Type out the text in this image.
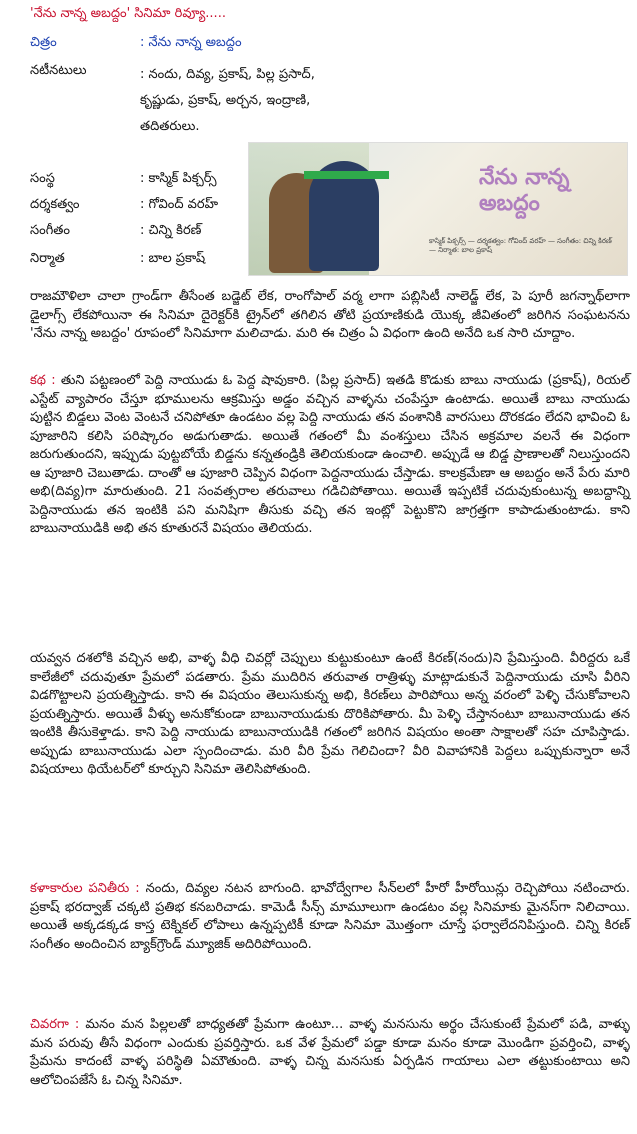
'నేను నాన్న అబద్దం' సినిమా రివ్యూ.....
చిత్రం	: నేను నాన్న అబద్దం
నటీనటులు	: నందు, దివ్య, ప్రకాష్, పిల్ల ప్రసాద్, కృష్ణుడు, ప్రకాష్, అర్చన, ఇంద్రాణి, తదితరులు.
సంస్థ	: కాస్మిక్ పిక్చర్స్
దర్శకత్వం	: గోవింద్ వరహ్
సంగీతం	: చిన్ని కిరణ్
నిర్మాత	: బాల ప్రకాష్
నేను నాన్న అబద్దం
కాస్మిక్ పిక్చర్స్ — దర్శకత్వం: గోవింద్ వరహ్ — సంగీతం: చిన్ని కిరణ్ — నిర్మాత: బాల ప్రకాష్
రాజమౌళిలా చాలా గ్రాండ్‌గా తీసేంత బడ్జెట్ లేక, రాంగోపాల్ వర్మ లాగా పబ్లిసిటీ నాలెడ్జ్ లేక, పె పూరీ జగన్నాథ్‌లాగా డైలాగ్స్ లేకపోయినా ఈ సినిమా దైరెక్టర్‌కి ట్రైన్‌లో తగిలిన తోటి ప్రయాణికుడి యొక్క జీవితంలో జరిగిన సంఘటనను 'నేను నాన్న అబద్దం' రూపంలో సినిమాగా మలిచాడు. మరి ఈ చిత్రం ఏ విధంగా ఉంది అనేది ఒక సారి చూద్దాం.
కథ : తుని పట్టణంలో పెద్ది నాయుడు ఓ పెద్ద షావుకారి. (పిల్ల ప్రసాద్) ఇతడి కొడుకు బాబు నాయుడు (ప్రకాష్), రియల్ ఎస్టేట్ వ్యాపారం చేస్తూ భూములను ఆక్రమిస్తు అడ్డం వచ్చిన వాళ్ళను చంపేస్తూ ఉంటాడు. అయితే బాబు నాయుడు పుట్టిన బిడ్డలు వెంట వెంటనే చనిపోతూ ఉండటం వల్ల పెద్ది నాయుడు తన వంశానికి వారసులు దొరకడం లేదని భావించి ఓ పూజారిని కలిసి పరిష్కారం అడుగుతాడు. అయితే గతంలో మీ వంశస్తులు చేసిన అక్రమాల వలనే ఈ విధంగా జరుగుతుందని, ఇప్పుడు పుట్టబోయే బిడ్డను కన్నతండ్రికి తెలియకుండా ఉంచాలి. అప్పుడే ఆ బిడ్డ ప్రాణాలతో నిలుస్తుందని ఆ పూజారి చెబుతాడు. దాంతో ఆ పూజారి చెప్పిన విధంగా పెద్దనాయుడు చేస్తాడు. కాలక్రమేణా ఆ అబద్దం అనే పేరు మారి అభి(దివ్య)గా మారుతుంది. 21 సంవత్సరాల తరువాలు గడిచిపోతాయి. అయితే ఇప్పటికే చదువుకుంటున్న అబద్దాన్ని పెద్దినాయుడు తన ఇంటికి పని మనిషిగా తీసుకు వచ్చి తన ఇంట్లో పెట్టుకొని జాగ్రత్తగా కాపాడుతుంటాడు. కాని బాబునాయుడికి అభి తన కూతురనే విషయం తెలియదు.
యవ్వన దశలోకి వచ్చిన అభి, వాళ్ళ వీధి చివర్లో చెప్పులు కుట్టుకుంటూ ఉంటే కిరణ్(నందు)ని ప్రేమిస్తుంది. వీరిద్దరు ఒకే కాలేజీలో చదువుతూ ప్రేమలో పడతారు. ప్రేమ ముదిరిన తరువాత రాత్రిళ్ళు మాట్లాడుకునే పెద్దినాయుడు చూసి వీరిని విడగొట్టాలని ప్రయత్నిస్తాడు. కాని ఈ విషయం తెలుసుకున్న అభి, కిరణ్‌లు పారిపోయి అన్న వరంలో పెళ్ళి చేసుకోవాలని ప్రయత్నిస్తారు. అయితే వీళ్ళు అనుకోకుండా బాబునాయుడుకు దొరికిపోతారు. మీ పెళ్ళి చేస్తానంటూ బాబునాయుడు తన ఇంటికి తీసుకెళ్తాడు. కాని పెద్ది నాయుడు బాబునాయుడికి గతంలో జరిగిన విషయం అంతా సాక్షాలతో సహ చూపిస్తాడు. అప్పుడు బాబునాయుడు ఎలా స్పందించాడు. మరి వీరి ప్రేమ గెలిచిందా? వీరి వివాహానికి పెద్దలు ఒప్పుకున్నారా అనే విషయాలు థియేటర్‌లో కూర్చుని సినిమా తెలిసిపోతుంది.
కళాకారుల పనితీరు : నందు, దివ్యల నటన బాగుంది. భావోద్వేగాల సీన్‌లలో హీరో హీరోయిన్లు రెచ్చిపోయి నటించారు. ప్రకాష్ భరద్వాజ్ చక్కటి ప్రతిభ కనబరిచాడు. కామెడీ సీన్స్ మామూలుగా ఉండటం వల్ల సినిమాకు మైనస్‌గా నిలిచాయి. అయితే అక్కడక్కడ కాస్త టెక్నికల్ లోపాలు ఉన్నప్పటికీ కూడా సినిమా మొత్తంగా చూస్తే ఫర్వాలేదనిపిస్తుంది. చిన్ని కిరణ్ సంగీతం అందించిన బ్యాక్‌గ్రౌండ్ మ్యూజిక్ అదిరిపోయింది.
చివరగా : మనం మన పిల్లలతో బాధ్యతతో ప్రేమగా ఉంటూ... వాళ్ళ మనసును అర్థం చేసుకుంటే ప్రేమలో పడి, వాళ్ళు మన పరువు తీసే విధంగా ఎందుకు ప్రవర్తిస్తారు. ఒక వేళ ప్రేమలో పడ్డా కూడా మనం కూడా మొండిగా ప్రవర్తించి, వాళ్ళ ప్రేమను కాదంటే వాళ్ళ పరిస్థితి ఏమౌతుంది. వాళ్ళ చిన్న మనసుకు ఏర్పడిన గాయాలు ఎలా తట్టుకుంటాయి అని ఆలోచింపజేసే ఓ చిన్న సినిమా.
